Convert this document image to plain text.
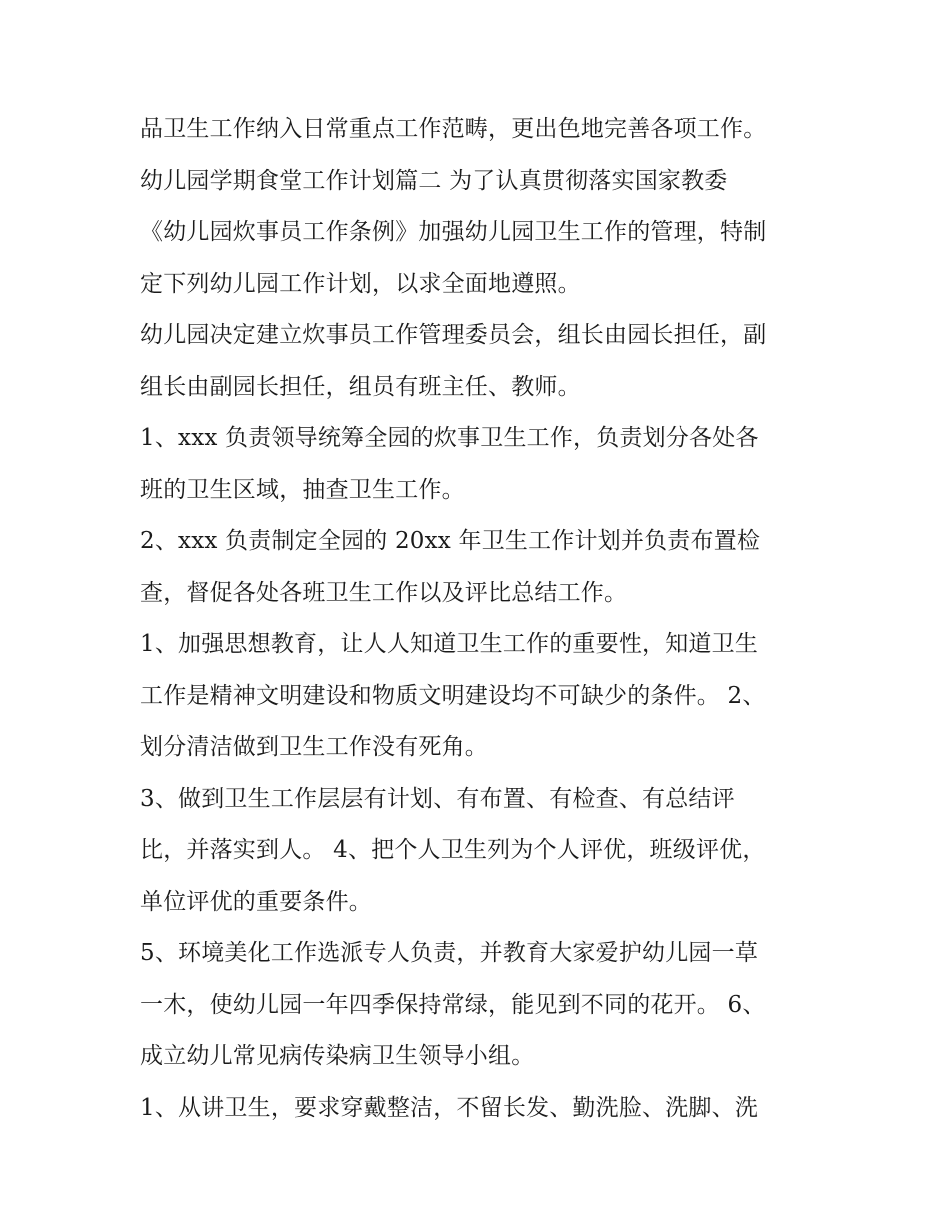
品卫生工作纳入日常重点工作范畴，更出色地完善各项工作。
幼儿园学期食堂工作计划篇二 为了认真贯彻落实国家教委
《幼儿园炊事员工作条例》加强幼儿园卫生工作的管理，特制
定下列幼儿园工作计划，以求全面地遵照。
幼儿园决定建立炊事员工作管理委员会，组长由园长担任，副
组长由副园长担任，组员有班主任、教师。
1、xxx 负责领导统筹全园的炊事卫生工作，负责划分各处各
班的卫生区域，抽查卫生工作。
2、xxx 负责制定全园的 20xx 年卫生工作计划并负责布置检
查，督促各处各班卫生工作以及评比总结工作。
1、加强思想教育，让人人知道卫生工作的重要性，知道卫生
工作是精神文明建设和物质文明建设均不可缺少的条件。 2、
划分清洁做到卫生工作没有死角。
3、做到卫生工作层层有计划、有布置、有检查、有总结评
比，并落实到人。 4、把个人卫生列为个人评优，班级评优，
单位评优的重要条件。
5、环境美化工作选派专人负责，并教育大家爱护幼儿园一草
一木，使幼儿园一年四季保持常绿，能见到不同的花开。 6、
成立幼儿常见病传染病卫生领导小组。
1、从讲卫生，要求穿戴整洁，不留长发、勤洗脸、洗脚、洗
